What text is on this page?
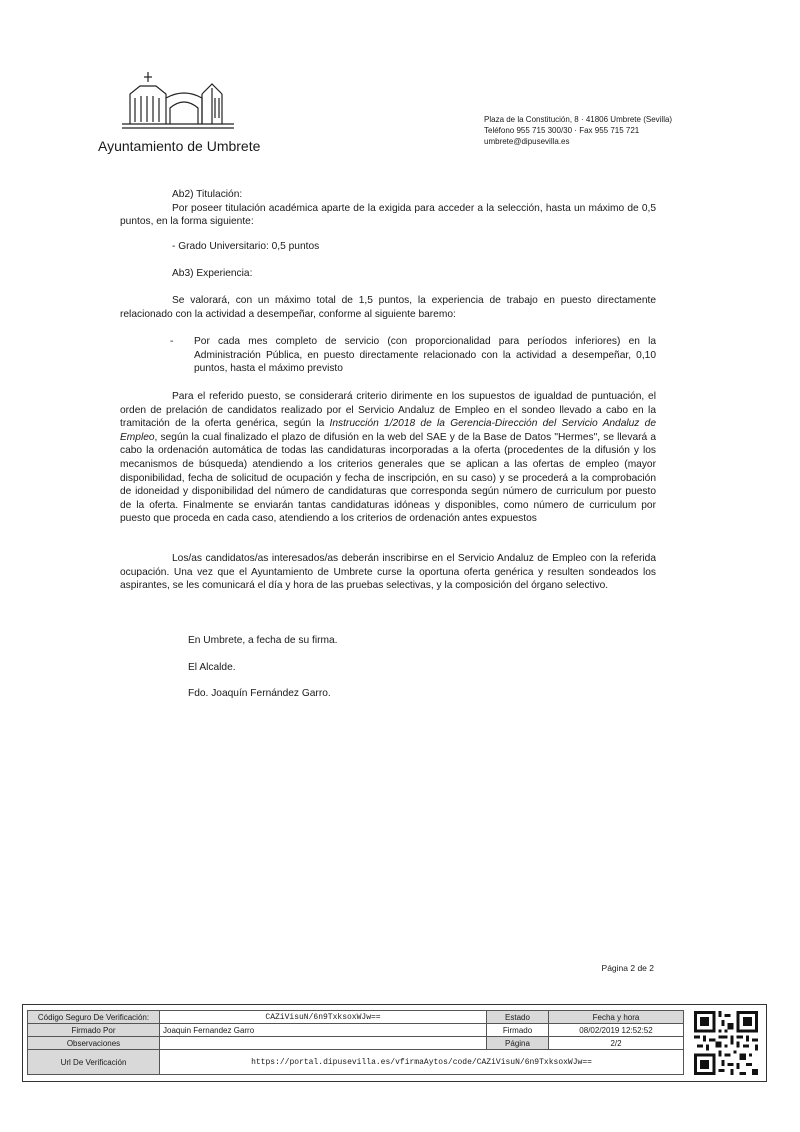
Ayuntamiento de Umbrete
Plaza de la Constitución, 8 · 41806 Umbrete (Sevilla)
Teléfono 955 715 300/30 · Fax 955 715 721
umbrete@dipusevilla.es

Ab2) Titulación:

Por poseer titulación académica aparte de la exigida para acceder a la selección, hasta un máximo de 0,5 puntos, en la forma siguiente:

- Grado Universitario: 0,5 puntos

Ab3) Experiencia:

Se valorará, con un máximo total de 1,5 puntos, la experiencia de trabajo en puesto directamente relacionado con la actividad a desempeñar, conforme al siguiente baremo:

- Por cada mes completo de servicio (con proporcionalidad para períodos inferiores) en la Administración Pública, en puesto directamente relacionado con la actividad a desempeñar, 0,10 puntos, hasta el máximo previsto

Para el referido puesto, se considerará criterio dirimente en los supuestos de igualdad de puntuación, el orden de prelación de candidatos realizado por el Servicio Andaluz de Empleo en el sondeo llevado a cabo en la tramitación de la oferta genérica, según la Instrucción 1/2018 de la Gerencia-Dirección del Servicio Andaluz de Empleo, según la cual finalizado el plazo de difusión en la web del SAE y de la Base de Datos "Hermes", se llevará a cabo la ordenación automática de todas las candidaturas incorporadas a la oferta (procedentes de la difusión y los mecanismos de búsqueda) atendiendo a los criterios generales que se aplican a las ofertas de empleo (mayor disponibilidad, fecha de solicitud de ocupación y fecha de inscripción, en su caso) y se procederá a la comprobación de idoneidad y disponibilidad del número de candidaturas que corresponda según número de curriculum por puesto de la oferta. Finalmente se enviarán tantas candidaturas idóneas y disponibles, como número de curriculum por puesto que proceda en cada caso, atendiendo a los criterios de ordenación antes expuestos

Los/as candidatos/as interesados/as deberán inscribirse en el Servicio Andaluz de Empleo con la referida ocupación. Una vez que el Ayuntamiento de Umbrete curse la oportuna oferta genérica y resulten sondeados los aspirantes, se les comunicará el día y hora de las pruebas selectivas, y la composición del órgano selectivo.

En Umbrete, a fecha de su firma.

El Alcalde.

Fdo. Joaquín Fernández Garro.

Página 2 de 2
Código Seguro De Verificación:	CAZiVisuN/6n9TxksoxWJw==	Estado	Fecha y hora
Firmado Por	Joaquin Fernandez Garro	Firmado	08/02/2019 12:52:52
Observaciones		Página	2/2
Url De Verificación	https://portal.dipusevilla.es/vfirmaAytos/code/CAZiVisuN/6n9TxksoxWJw==		
